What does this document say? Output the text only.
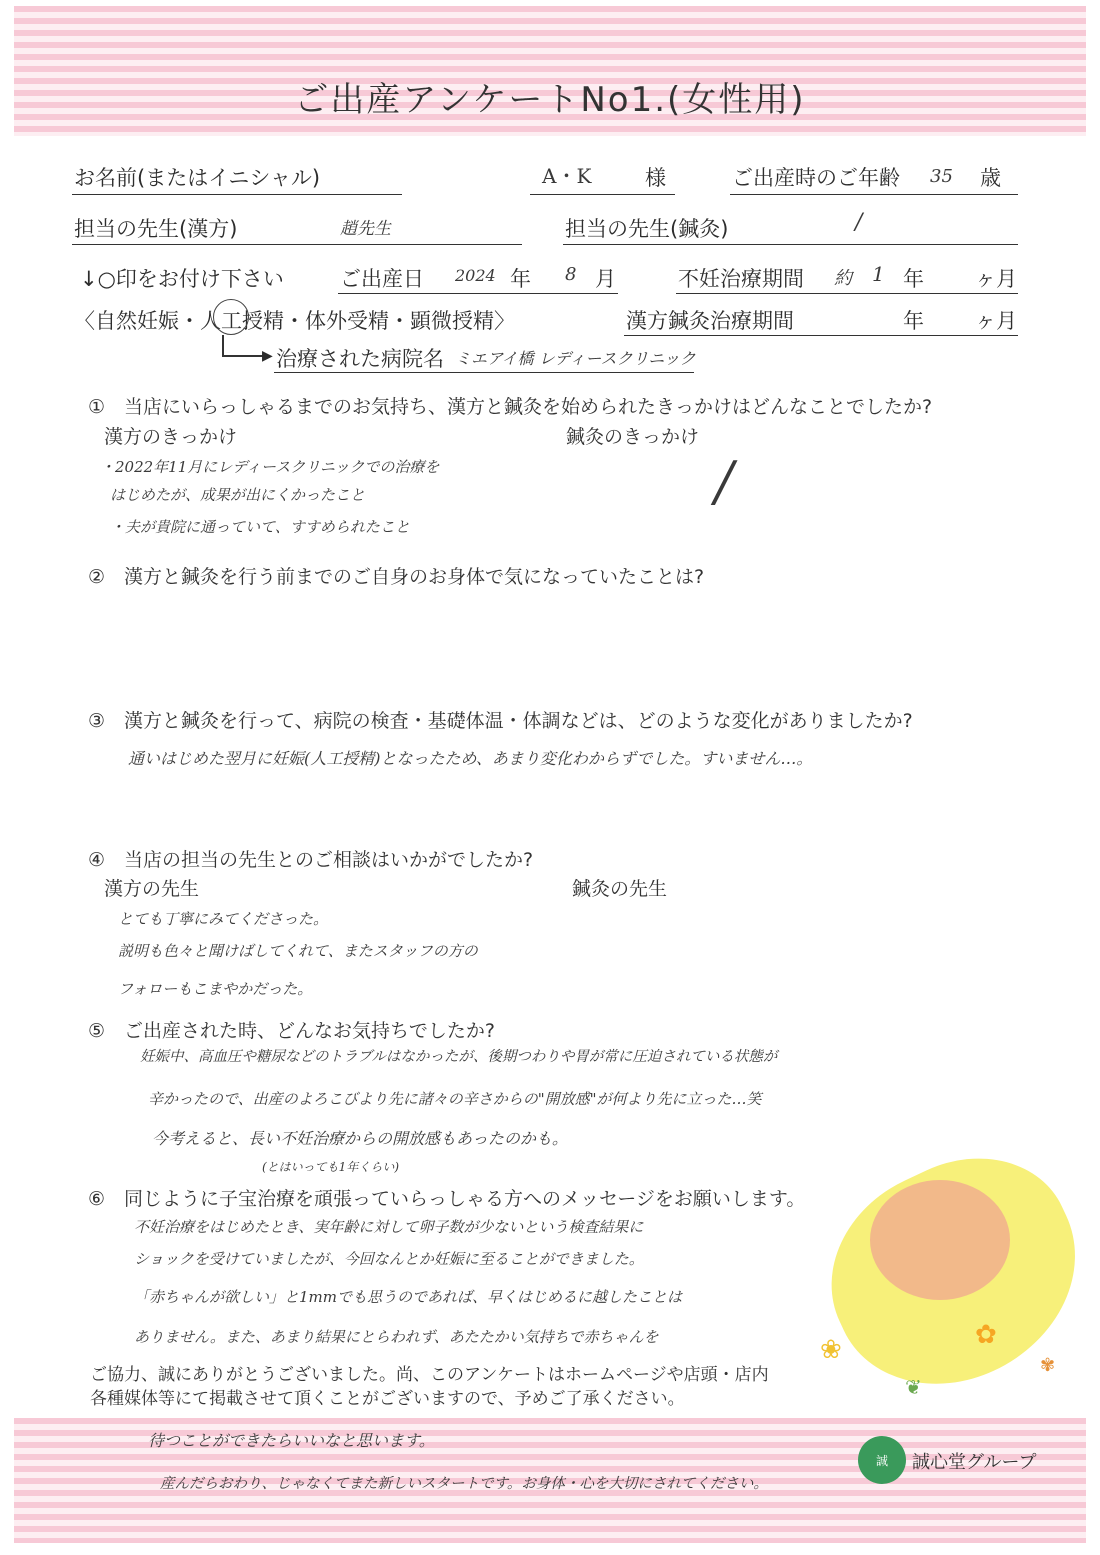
ご出産アンケートNo1.(女性用)
お名前(またはイニシャル)	A・K	様	ご出産時のご年齢 35 歳
担当の先生(漢方)	趙先生	担当の先生(鍼灸)	/
↓○印をお付け下さい	ご出産日 2024 年 8 月	不妊治療期間 約 1 年 ヶ月
〈自然妊娠・人工授精・体外受精・顕微授精〉	漢方鍼灸治療期間	年 ヶ月
▶ 治療された病院名 ミエアイ橋 レディースクリニック
①　当店にいらっしゃるまでのお気持ち、漢方と鍼灸を始められたきっかけはどんなことでしたか?
漢方のきっかけ	鍼灸のきっかけ
・2022年11月にレディースクリニックでの治療を
はじめたが、成果が出にくかったこと
・夫が貴院に通っていて、すすめられたこと
/
②　漢方と鍼灸を行う前までのご自身のお身体で気になっていたことは?
③　漢方と鍼灸を行って、病院の検査・基礎体温・体調などは、どのような変化がありましたか?
通いはじめた翌月に妊娠(人工授精)となったため、あまり変化わからずでした。すいません…。
④　当店の担当の先生とのご相談はいかがでしたか?
漢方の先生	鍼灸の先生
とても丁寧にみてくださった。
説明も色々と聞けばしてくれて、またスタッフの方の
フォローもこまやかだった。
⑤　ご出産された時、どんなお気持ちでしたか?
妊娠中、高血圧や糖尿などのトラブルはなかったが、後期つわりや胃が常に圧迫されている状態が
辛かったので、出産のよろこびより先に諸々の辛さからの"開放感"が何より先に立った…笑
今考えると、長い不妊治療からの開放感もあったのかも。
(とはいっても1年くらい)
⑥　同じように子宝治療を頑張っていらっしゃる方へのメッセージをお願いします。
不妊治療をはじめたとき、実年齢に対して卵子数が少ないという検査結果に
ショックを受けていましたが、今回なんとか妊娠に至ることができました。
「赤ちゃんが欲しい」と1mmでも思うのであれば、早くはじめるに越したことは
ありません。また、あまり結果にとらわれず、あたたかい気持ちで赤ちゃんを
ご協力、誠にありがとうございました。尚、このアンケートはホームページや店頭・店内
各種媒体等にて掲載させて頂くことがございますので、予めご了承ください。
待つことができたらいいなと思います。
産んだらおわり、じゃなくてまた新しいスタートです。お身体・心を大切にされてください。
✿
❀
❦
✾
誠	誠心堂グループ
